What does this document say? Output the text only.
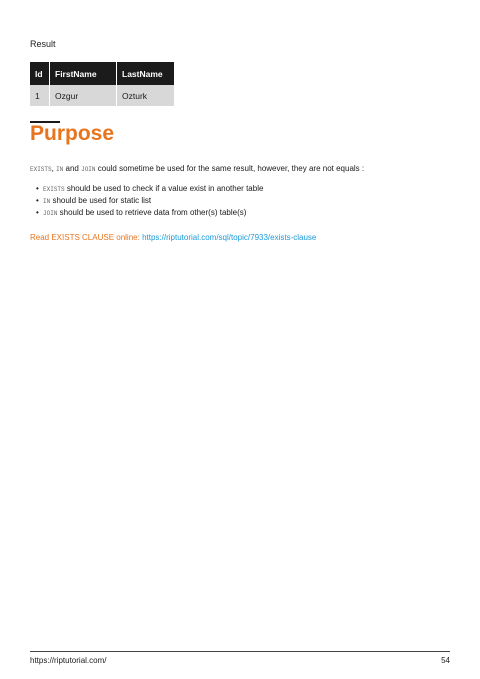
Result
Id	FirstName	LastName
1	Ozgur	Ozturk
Purpose
EXISTS, IN and JOIN could sometime be used for the same result, however, they are not equals :
• EXISTS should be used to check if a value exist in another table
• IN should be used for static list
• JOIN should be used to retrieve data from other(s) table(s)
Read EXISTS CLAUSE online: https://riptutorial.com/sql/topic/7933/exists-clause
https://riptutorial.com/	54
